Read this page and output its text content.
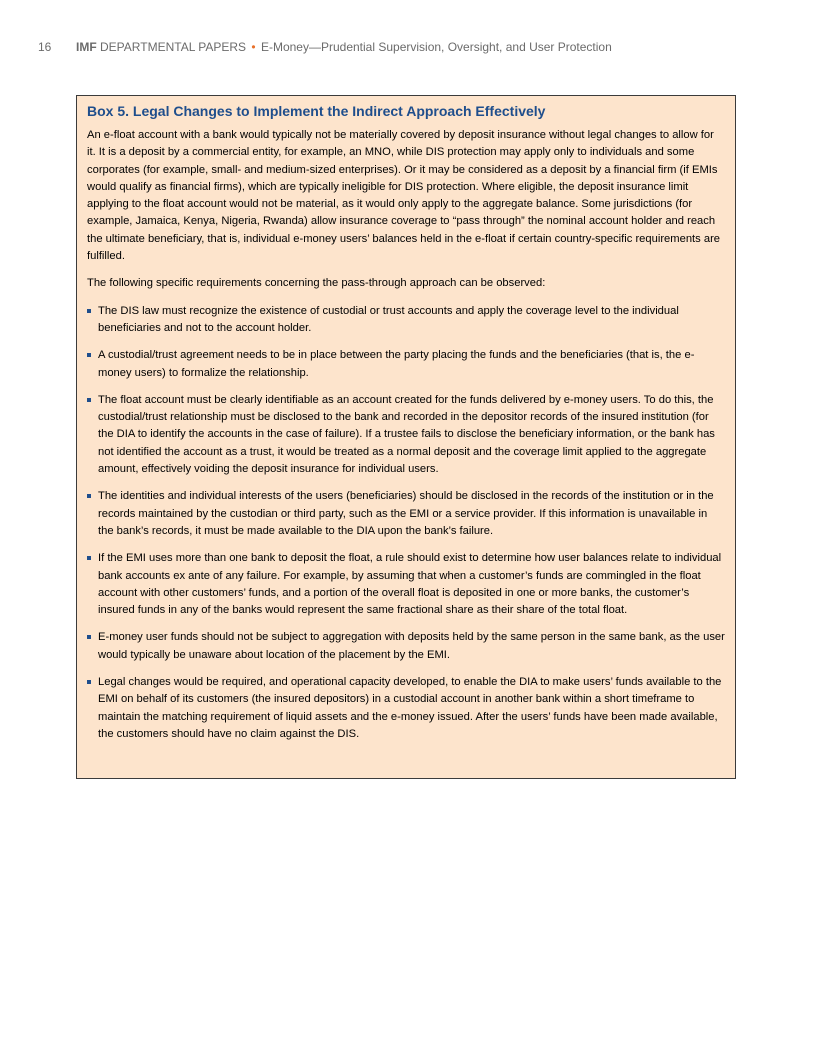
16 IMF DEPARTMENTAL PAPERS • E-Money—Prudential Supervision, Oversight, and User Protection
Box 5. Legal Changes to Implement the Indirect Approach Effectively

An e-float account with a bank would typically not be materially covered by deposit insurance without legal changes to allow for it. It is a deposit by a commercial entity, for example, an MNO, while DIS protection may apply only to individuals and some corporates (for example, small- and medium-sized enterprises). Or it may be considered as a deposit by a financial firm (if EMIs would qualify as financial firms), which are typically ineligible for DIS protection. Where eligible, the deposit insurance limit applying to the float account would not be material, as it would only apply to the aggregate balance. Some jurisdictions (for example, Jamaica, Kenya, Nigeria, Rwanda) allow insurance coverage to “pass through” the nominal account holder and reach the ultimate beneficiary, that is, individual e-money users’ balances held in the e-float if certain country-specific requirements are fulfilled.

The following specific requirements concerning the pass-through approach can be observed:

The DIS law must recognize the existence of custodial or trust accounts and apply the coverage level to the individual beneficiaries and not to the account holder.
A custodial/trust agreement needs to be in place between the party placing the funds and the beneficiaries (that is, the e-money users) to formalize the relationship.
The float account must be clearly identifiable as an account created for the funds delivered by e-money users. To do this, the custodial/trust relationship must be disclosed to the bank and recorded in the depositor records of the insured institution (for the DIA to identify the accounts in the case of failure). If a trustee fails to disclose the beneficiary information, or the bank has not identified the account as a trust, it would be treated as a normal deposit and the coverage limit applied to the aggregate amount, effectively voiding the deposit insurance for individual users.
The identities and individual interests of the users (beneficiaries) should be disclosed in the records of the institution or in the records maintained by the custodian or third party, such as the EMI or a service provider. If this information is unavailable in the bank’s records, it must be made available to the DIA upon the bank’s failure.
If the EMI uses more than one bank to deposit the float, a rule should exist to determine how user balances relate to individual bank accounts ex ante of any failure. For example, by assuming that when a customer’s funds are commingled in the float account with other customers’ funds, and a portion of the overall float is deposited in one or more banks, the customer’s insured funds in any of the banks would represent the same fractional share as their share of the total float.
E-money user funds should not be subject to aggregation with deposits held by the same person in the same bank, as the user would typically be unaware about location of the placement by the EMI.
Legal changes would be required, and operational capacity developed, to enable the DIA to make users’ funds available to the EMI on behalf of its customers (the insured depositors) in a custodial account in another bank within a short timeframe to maintain the matching requirement of liquid assets and the e-money issued. After the users’ funds have been made available, the customers should have no claim against the DIS.
